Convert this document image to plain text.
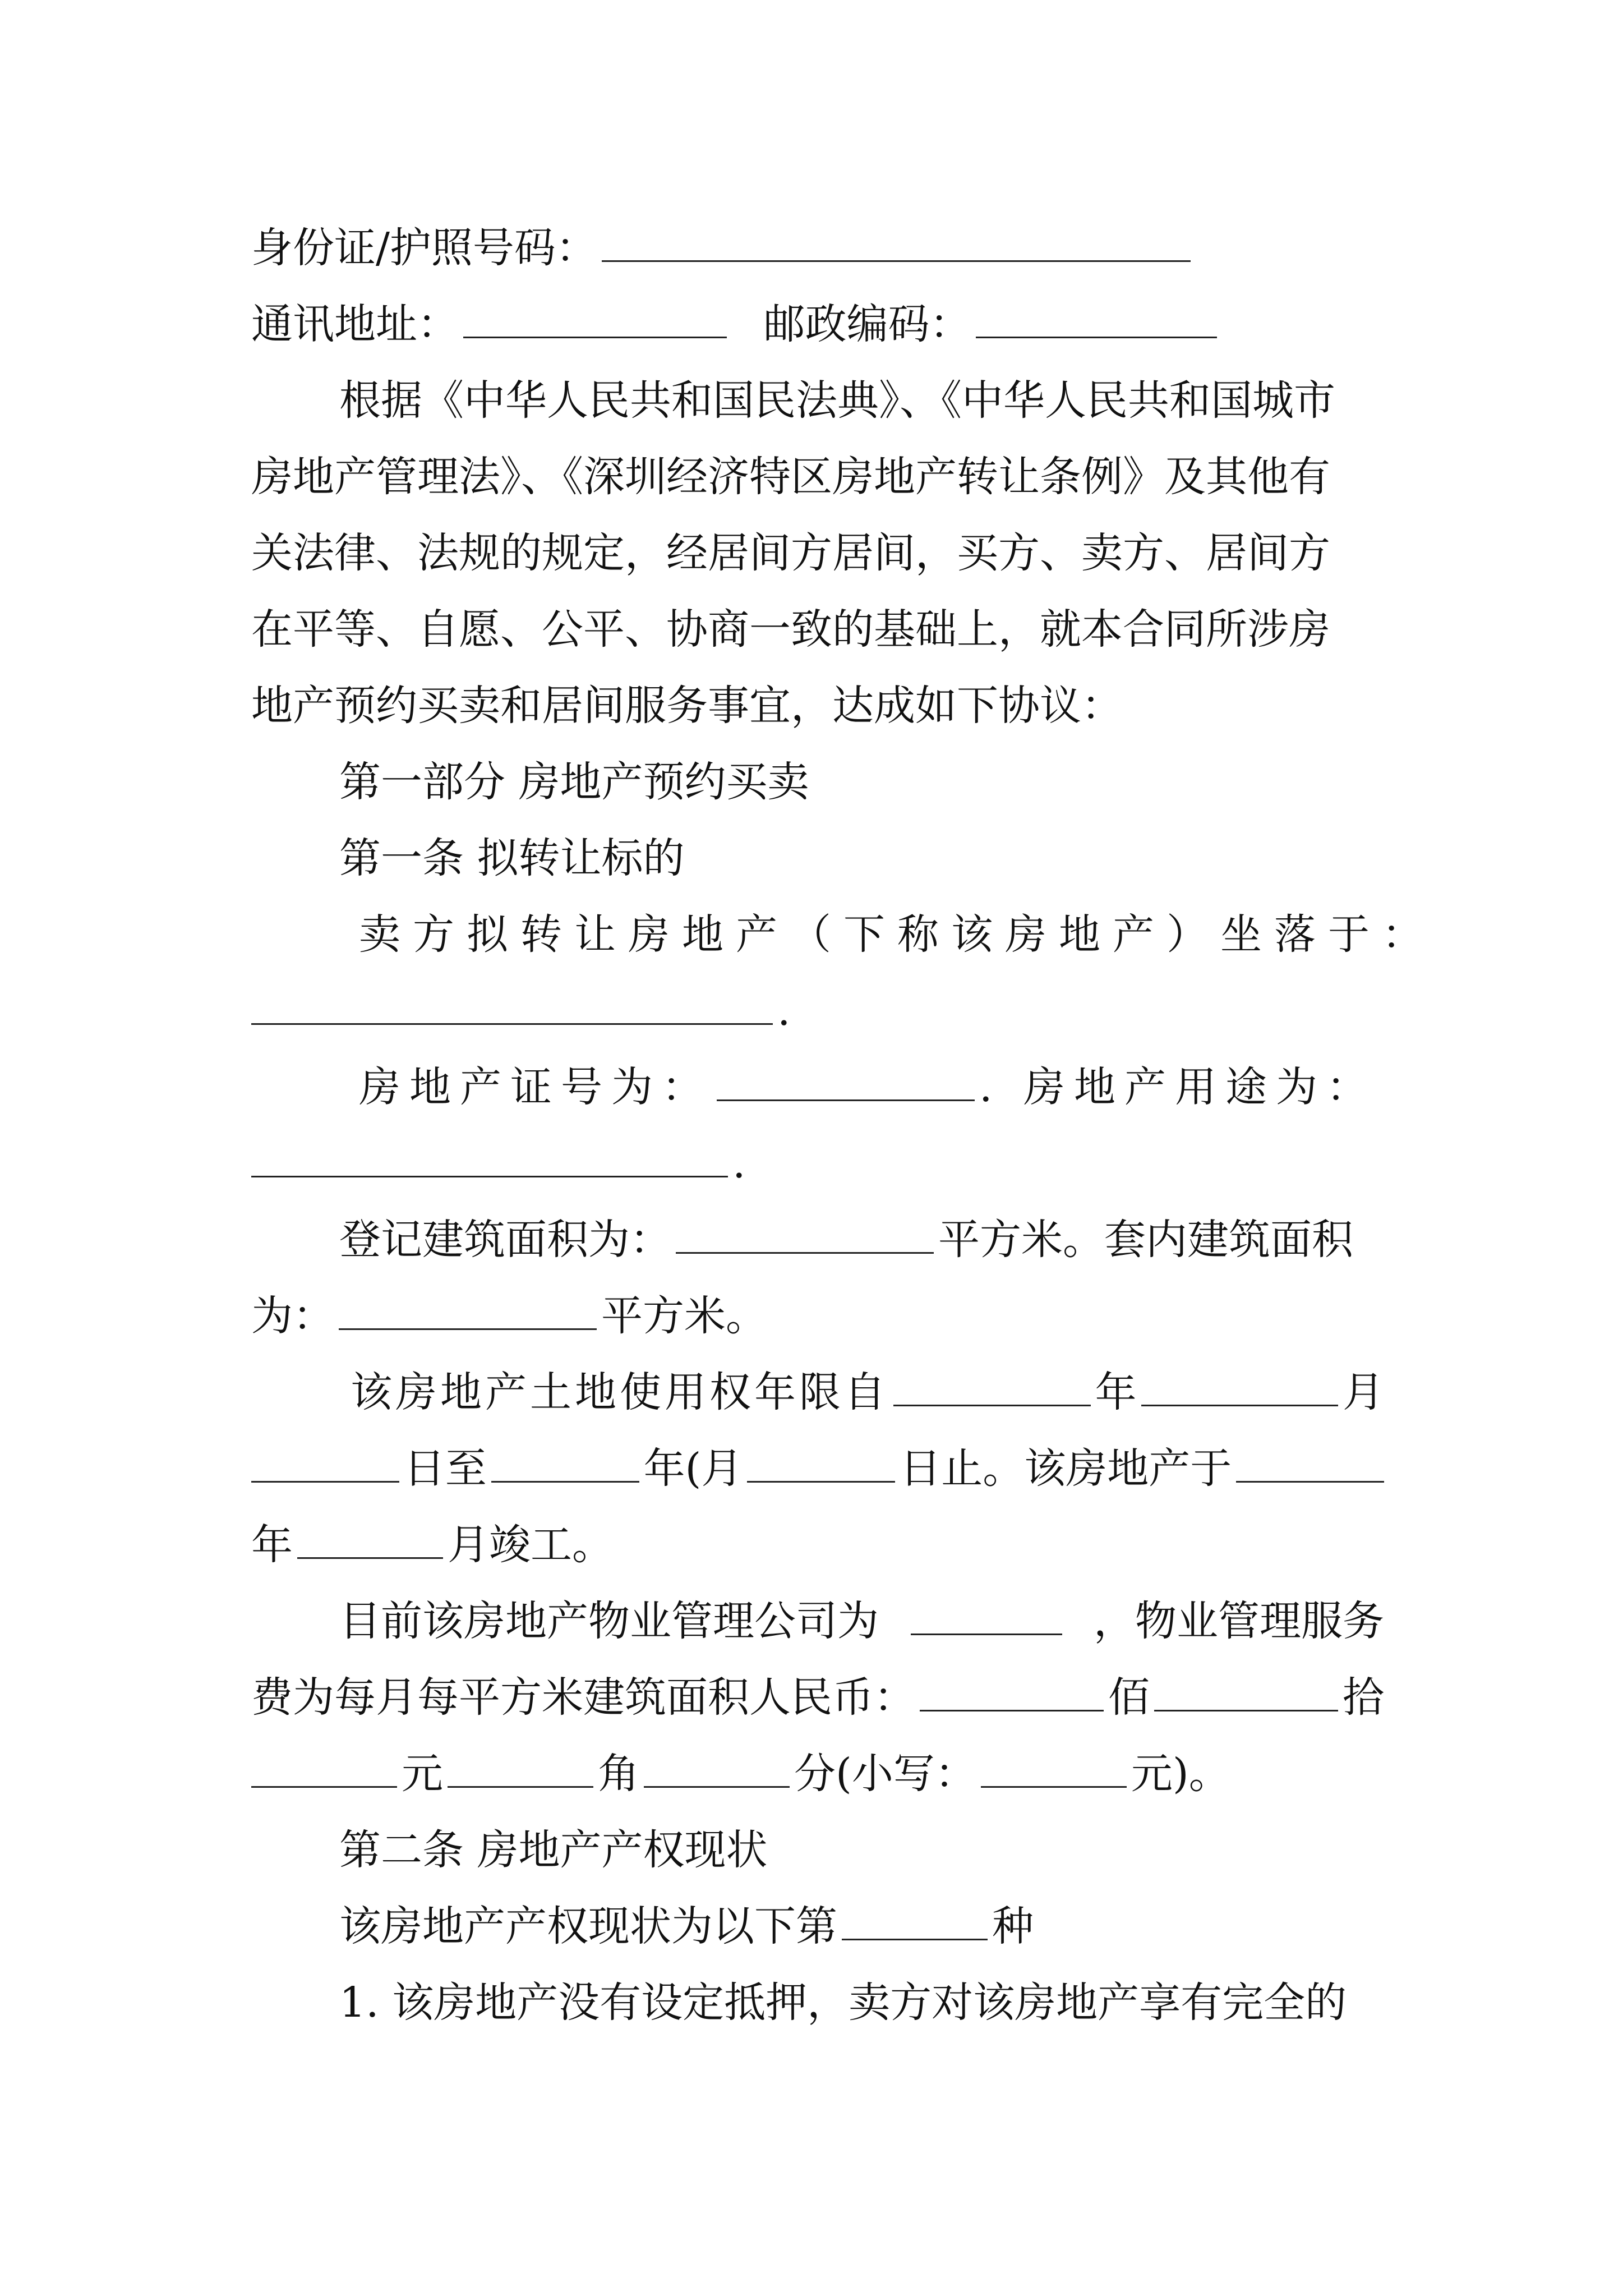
身份证/护照号码：
通讯地址：	邮政编码：
根据《中华人民共和国民法典》、《中华人民共和国城市
房地产管理法》、《深圳经济特区房地产转让条例》及其他有
关法律、法规的规定，经居间方居间，买方、卖方、居间方
在平等、自愿、公平、协商一致的基础上，就本合同所涉房
地产预约买卖和居间服务事宜，达成如下协议：
第一部分 房地产预约买卖
第一条 拟转让标的
卖方拟转让房地产（下称该房地产）坐落于：
.
房地产证号为：	. 房地产用途为：
.
登记建筑面积为：	平方米。套内建筑面积
为：	平方米。
该房地产土地使用权年限自	年	月
日至	年(月	日止。该房地产于
年	月竣工。
目前该房地产物业管理公司为	，物业管理服务
费为每月每平方米建筑面积人民币：	佰	拾
元	角	分(小写：	元)。
第二条 房地产产权现状
该房地产产权现状为以下第	种
1. 该房地产没有设定抵押，卖方对该房地产享有完全的
